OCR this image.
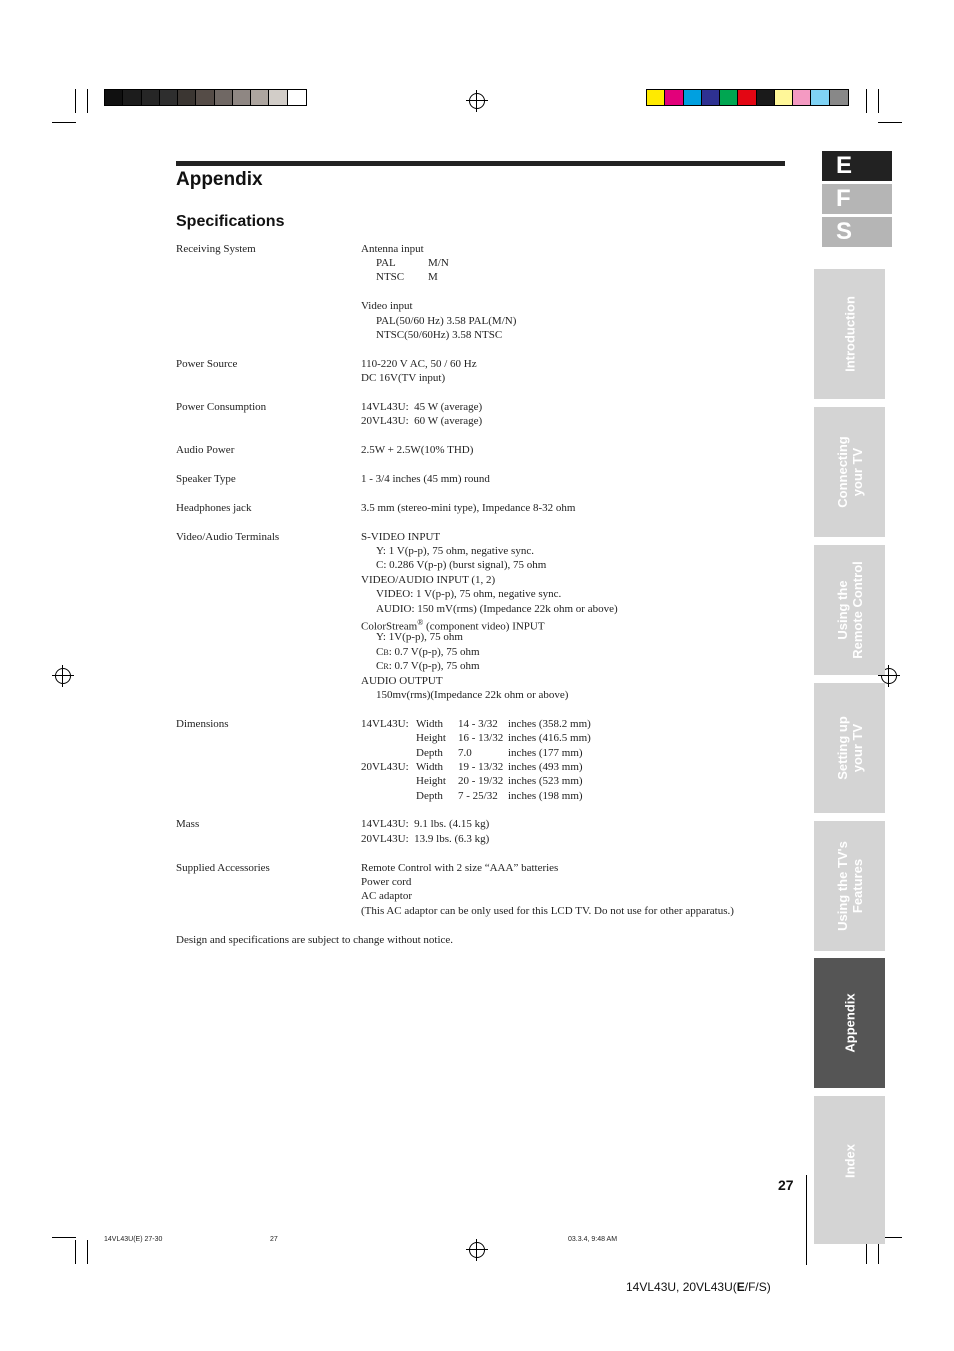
Appendix
Specifications
Receiving System	Antenna input
PAL	M/N
NTSC M
Video input
PAL(50/60 Hz) 3.58 PAL(M/N)
NTSC(50/60Hz) 3.58 NTSC
Power Source	110-220 V AC, 50 / 60 Hz
DC 16V(TV input)
Power Consumption	14VL43U:  45 W (average)
20VL43U:  60 W (average)
Audio Power	2.5W + 2.5W(10% THD)
Speaker Type	1 - 3/4 inches (45 mm) round
Headphones jack	3.5 mm (stereo-mini type), Impedance 8-32 ohm
Video/Audio Terminals	S-VIDEO INPUT
Y: 1 V(p-p), 75 ohm, negative sync.
C: 0.286 V(p-p) (burst signal), 75 ohm
VIDEO/AUDIO INPUT (1, 2)
VIDEO: 1 V(p-p), 75 ohm, negative sync.
AUDIO: 150 mV(rms) (Impedance 22k ohm or above)
ColorStream® (component video) INPUT
Y: 1V(p-p), 75 ohm
CB: 0.7 V(p-p), 75 ohm
CR: 0.7 V(p-p), 75 ohm
AUDIO OUTPUT
150mv(rms)(Impedance 22k ohm or above)
Dimensions	14VL43U: Width 14 - 3/32 inches (358.2 mm)
Height 16 - 13/32 inches (416.5 mm)
Depth 7.0	inches (177 mm)
20VL43U: Width 19 - 13/32 inches (493 mm)
Height 20 - 19/32 inches (523 mm)
Depth 7 - 25/32 inches (198 mm)
Mass	14VL43U:  9.1 lbs. (4.15 kg)
20VL43U:  13.9 lbs. (6.3 kg)
Supplied Accessories	Remote Control with 2 size “AAA” batteries
Power cord
AC adaptor
(This AC adaptor can be only used for this LCD TV. Do not use for other apparatus.)
Design and specifications are subject to change without notice.
E
F
S
Introduction
Connecting your TV
Using the Remote Control
Setting up your TV
Using the TV's Features
Appendix
Index
27
14VL43U(E) 27-30	27	03.3.4, 9:48 AM
14VL43U, 20VL43U(E/F/S)
